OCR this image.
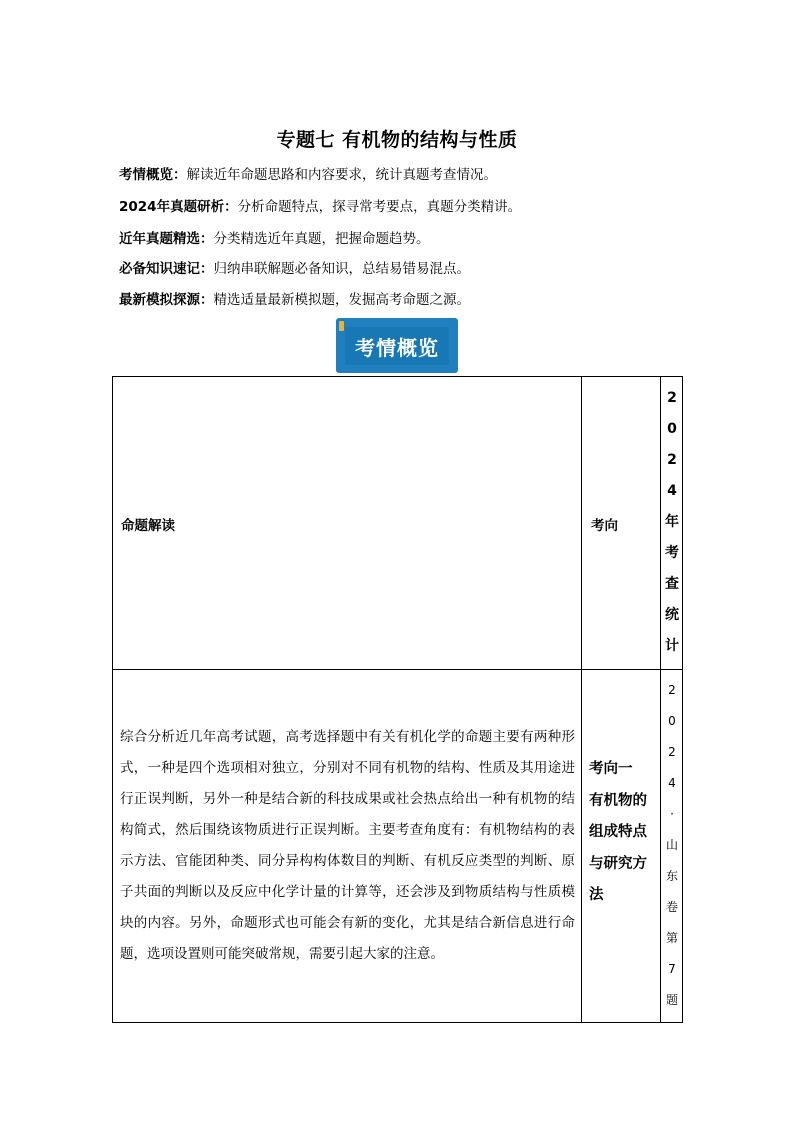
专题七 有机物的结构与性质
考情概览：解读近年命题思路和内容要求，统计真题考查情况。
2024年真题研析：分析命题特点，探寻常考要点，真题分类精讲。
近年真题精选：分类精选近年真题，把握命题趋势。
必备知识速记：归纳串联解题必备知识，总结易错易混点。
最新模拟探源：精选适量最新模拟题，发掘高考命题之源。
考情概览
命题解读	考向
2
0
2
4
年
考
查
统
计
综合分析近几年高考试题，高考选择题中有关有机化学的命题主要有两种形式，一种是四个选项相对独立，分别对不同有机物的结构、性质及其用途进行正误判断，另外一种是结合新的科技成果或社会热点给出一种有机物的结构简式，然后围绕该物质进行正误判断。主要考查角度有：有机物结构的表示方法、官能团种类、同分异构构体数目的判断、有机反应类型的判断、原子共面的判断以及反应中化学计量的计算等，还会涉及到物质结构与性质模块的内容。另外，命题形式也可能会有新的变化，尤其是结合新信息进行命题，选项设置则可能突破常规，需要引起大家的注意。
考向一 有机物的组成特点与研究方法
2
0
2
4
·
山
东
卷
第
7
题
